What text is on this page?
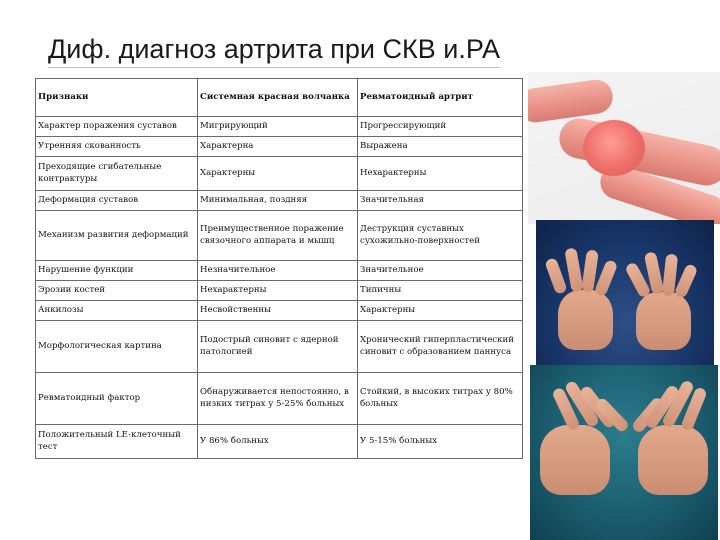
Диф. диагноз артрита при СКВ и.РА
Признаки	Системная красная волчанка	Ревматоидный артрит
Характер поражения суставов	Мигрирующий	Прогрессирующий
Утренняя скованность	Характерна	Выражена
Преходящие сгибательные контрактуры	Характерны	Нехарактерны
Деформация суставов	Минимальная, поздняя	Значительная
Механизм развития деформаций	Преимущественное поражение связочного аппарата и мышц	Деструкция суставных сухожильно-поверхностей
Нарушение функции	Незначительное	Значительное
Эрозии костей	Нехарактерны	Типичны
Анкилозы	Несвойственны	Характерны
Морфологическая картина	Подострый синовит с ядерной патологией	Хронический гиперпластический синовит с образованием паннуса
Ревматоидный фактор	Обнаруживается непостоянно, в низких титрах у 5-25% больных	Стойкий, в высоких титрах у 80% больных
Положительный LE-клеточный тест	У 86% больных	У 5-15% больных
